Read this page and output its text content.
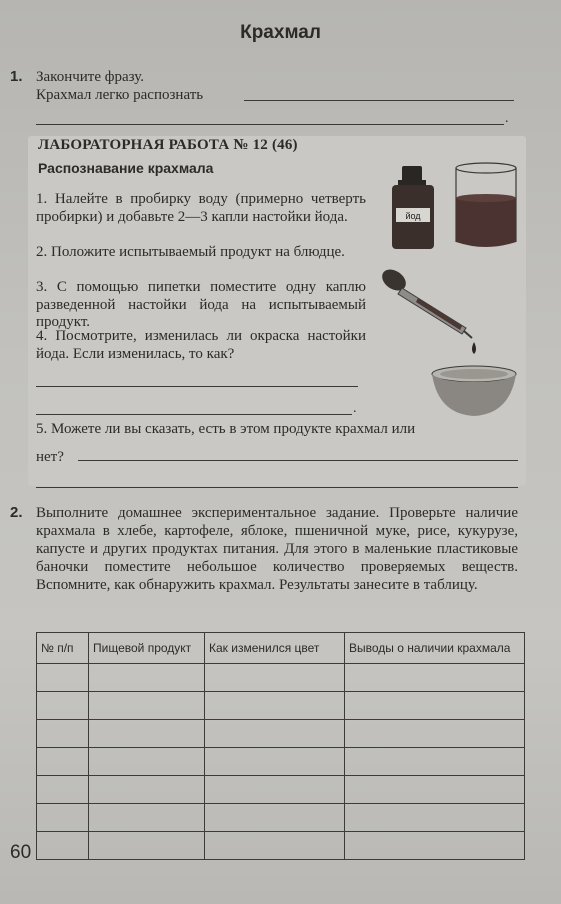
Крахмал
1. Закончите фразу.
Крахмал легко распознать
.
ЛАБОРАТОРНАЯ РАБОТА № 12 (46)
Распознавание крахмала
1. Налейте в пробирку воду (примерно четверть пробирки) и добавьте 2—3 капли настойки йода.
2. Положите испытываемый продукт на блюдце.
3. С помощью пипетки поместите одну каплю разведенной настойки йода на испытываемый продукт.
4. Посмотрите, изменилась ли окраска настойки йода. Если изменилась, то как?
.
5. Можете ли вы сказать, есть в этом продукте крахмал или
нет?
йод
2. Выполните домашнее экспериментальное задание. Проверьте наличие крахмала в хлебе, картофеле, яблоке, пшеничной муке, рисе, кукурузе, капусте и других продуктах питания. Для этого в маленькие пластиковые баночки поместите небольшое количество проверяемых веществ. Вспомните, как обнаружить крахмал. Результаты занесите в таблицу.
№ п/п	Пищевой продукт	Как изменился цвет	Выводы о наличии крахмала

60
